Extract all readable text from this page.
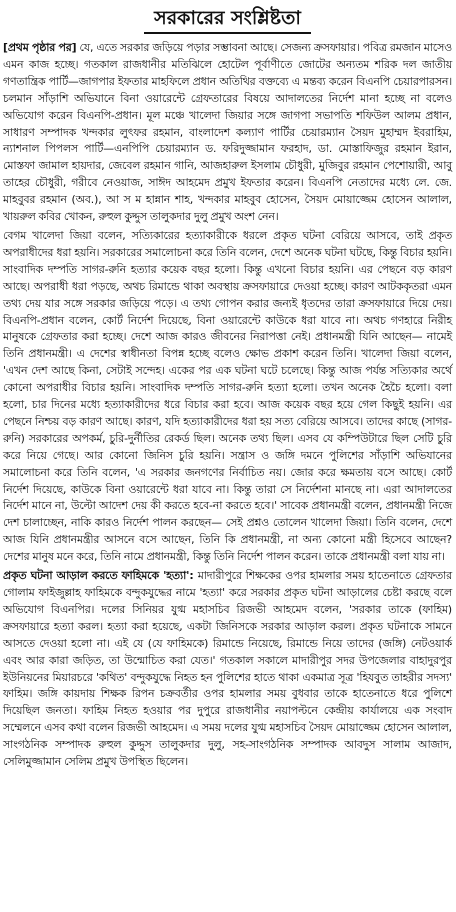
সরকারের সংশ্লিষ্টতা

[ প্রথম পৃষ্ঠার পর ] যে, এতে সরকার জড়িয়ে পড়ার সম্ভাবনা আছে। সেজন্য ক্রসফায়ার। পবিত্র রমজান মাসেও এমন কাজ হচ্ছে। গতকাল রাজধানীর মতিঝিলে হোটেল পূর্বাণীতে জোটের অন্যতম শরিক দল জাতীয় গণতান্ত্রিক পার্টি—জাগপার ইফতার মাহফিলে প্রধান অতিথির বক্তব্যে এ মন্তব্য করেন বিএনপি চেয়ারপারসন। চলমান সাঁড়াশি অভিযানে বিনা ওয়ারেন্টে গ্রেফতারের বিষয়ে আদালতের নির্দেশ মানা হচ্ছে না বলেও অভিযোগ করেন বিএনপি-প্রধান। মূল মঞ্চে খালেদা জিয়ার সঙ্গে জাগপা সভাপতি শফিউল আলম প্রধান, সাধারণ সম্পাদক খন্দকার লুৎফর রহমান, বাংলাদেশ কল্যাণ পার্টির চেয়ারম্যান সৈয়দ মুহাম্মদ ইবরাহিম, ন্যাশনাল পিপলস পার্টি—এনপিপি চেয়ারম্যান ড. ফরিদুজ্জামান ফরহাদ, ডা. মোস্তাফিজুর রহমান ইরান, মোস্তফা জামাল হায়দার, জেবেল রহমান গানি, আজহারুল ইসলাম চৌধুরী, মুজিবুর রহমান পেশোয়ারী, আবু তাহের চৌধুরী, গরীবে নেওয়াজ, সাঈদ আহমেদ প্রমুখ ইফতার করেন। বিএনপি নেতাদের মধ্যে লে. জে. মাহবুবর রহমান (অব.), আ স ম হান্নান শাহ, খন্দকার মাহবুব হোসেন, সৈয়দ মোয়াজ্জেম হোসেন আলাল, খায়রুল কবির খোকন, রুহুল কুদ্দুস তালুকদার দুলু প্রমুখ অংশ নেন।

বেগম খালেদা জিয়া বলেন, সত্যিকারের হত্যাকারীকে ধরলে প্রকৃত ঘটনা বেরিয়ে আসবে, তাই প্রকৃত অপরাধীদের ধরা হয়নি। সরকারের সমালোচনা করে তিনি বলেন, দেশে অনেক ঘটনা ঘটছে, কিন্তু বিচার হয়নি। সাংবাদিক দম্পতি সাগর-রুনি হত্যার কয়েক বছর হলো। কিন্তু এখনো বিচার হয়নি। এর পেছনে বড় কারণ আছে। অপরাধী ধরা পড়ছে, অথচ রিমান্ডে থাকা অবস্থায় ক্রসফায়ারে দেওয়া হচ্ছে। কারণ আটককৃতরা এমন তথ্য দেয় যার সঙ্গে সরকার জড়িয়ে পড়ে। এ তথ্য গোপন করার জন্যই ধৃতদের তারা ক্রসফায়ারে দিয়ে দেয়। বিএনপি-প্রধান বলেন, কোর্ট নির্দেশ দিয়েছে, বিনা ওয়ারেন্টে কাউকে ধরা যাবে না। অথচ গণহারে নিরীহ মানুষকে গ্রেফতার করা হচ্ছে। দেশে আজ কারও জীবনের নিরাপত্তা নেই। প্রধানমন্ত্রী যিনি আছেন— নামেই তিনি প্রধানমন্ত্রী। এ দেশের স্বাধীনতা বিপন্ন হচ্ছে বলেও ক্ষোভ প্রকাশ করেন তিনি। খালেদা জিয়া বলেন, 'এখন দেশ আছে কিনা, সেটাই সন্দেহ। একের পর এক ঘটনা ঘটে চলেছে। কিন্তু আজ পর্যন্ত সত্যিকার অর্থে কোনো অপরাধীর বিচার হয়নি। সাংবাদিক দম্পতি সাগর-রুনি হত্যা হলো। তখন অনেক হৈচৈ হলো। বলা হলো, চার দিনের মধ্যে হত্যাকারীদের ধরে বিচার করা হবে। আজ কয়েক বছর হয়ে গেল কিছুই হয়নি। এর পেছনে নিশ্চয় বড় কারণ আছে। কারণ, যদি হত্যাকারীদের ধরা হয় সত্য বেরিয়ে আসবে। তাদের কাছে (সাগর-রুনি) সরকারের অপকর্ম, চুরি-দুর্নীতির রেকর্ড ছিল। অনেক তথ্য ছিল। এসব যে কম্পিউটারে ছিল সেটি চুরি করে নিয়ে গেছে। আর কোনো জিনিস চুরি হয়নি। সন্ত্রাস ও জঙ্গি দমনে পুলিশের সাঁড়াশি অভিযানের সমালোচনা করে তিনি বলেন, 'এ সরকার জনগণের নির্বাচিত নয়। জোর করে ক্ষমতায় বসে আছে। কোর্ট নির্দেশ দিয়েছে, কাউকে বিনা ওয়ারেন্টে ধরা যাবে না। কিন্তু তারা সে নির্দেশনা মানছে না। এরা আদালতের নির্দেশ মানে না, উল্টো আদেশ দেয় কী করতে হবে-না করতে হবে।' সাবেক প্রধানমন্ত্রী বলেন, প্রধানমন্ত্রী নিজে দেশ চালাচ্ছেন, নাকি কারও নির্দেশ পালন করছেন— সেই প্রশ্নও তোলেন খালেদা জিয়া। তিনি বলেন, দেশে আজ যিনি প্রধানমন্ত্রীর আসনে বসে আছেন, তিনি কি প্রধানমন্ত্রী, না অন্য কোনো মন্ত্রী হিসেবে আছেন? দেশের মানুষ মনে করে, তিনি নামে প্রধানমন্ত্রী, কিন্তু তিনি নির্দেশ পালন করেন। তাকে প্রধানমন্ত্রী বলা যায় না।

প্রকৃত ঘটনা আড়াল করতে ফাহিমকে 'হত্যা': মাদারীপুরে শিক্ষকের ওপর হামলার সময় হাতেনাতে গ্রেফতার গোলাম ফাইজুল্লাহ ফাহিমকে বন্দুকযুদ্ধের নামে 'হত্যা' করে সরকার প্রকৃত ঘটনা আড়ালের চেষ্টা করছে বলে অভিযোগ বিএনপির। দলের সিনিয়র যুগ্ম মহাসচিব রিজভী আহমেদ বলেন, 'সরকার তাকে (ফাহিম) ক্রসফায়ারে হত্যা করল। হত্যা করা হয়েছে, একটা জিনিসকে সরকার আড়াল করল। প্রকৃত ঘটনাকে সামনে আসতে দেওয়া হলো না। এই যে (যে ফাহিমকে) রিমান্ডে নিয়েছে, রিমান্ডে নিয়ে তাদের (জঙ্গি) নেটওয়ার্ক এবং আর কারা জড়িত, তা উন্মোচিত করা যেত।' গতকাল সকালে মাদারীপুর সদর উপজেলার বাহাদুরপুর ইউনিয়নের মিয়ারচরে 'কথিত' বন্দুকযুদ্ধে নিহত হন পুলিশের হাতে থাকা একমাত্র সূত্র 'হিযবুত তাহরীর সদস্য' ফাহিম। জঙ্গি কায়দায় শিক্ষক রিপন চক্রবর্তীর ওপর হামলার সময় বুধবার তাকে হাতেনাতে ধরে পুলিশে দিয়েছিল জনতা। ফাহিম নিহত হওয়ার পর দুপুরে রাজধানীর নয়াপল্টনে কেন্দ্রীয় কার্যালয়ে এক সংবাদ সম্মেলনে এসব কথা বলেন রিজভী আহমেদ। এ সময় দলের যুগ্ম মহাসচিব সৈয়দ মোয়াজ্জেম হোসেন আলাল, সাংগঠনিক সম্পাদক রুহুল কুদ্দুস তালুকদার দুলু, সহ-সাংগঠনিক সম্পাদক আবদুস সালাম আজাদ, সেলিমুজ্জামান সেলিম প্রমুখ উপস্থিত ছিলেন।
